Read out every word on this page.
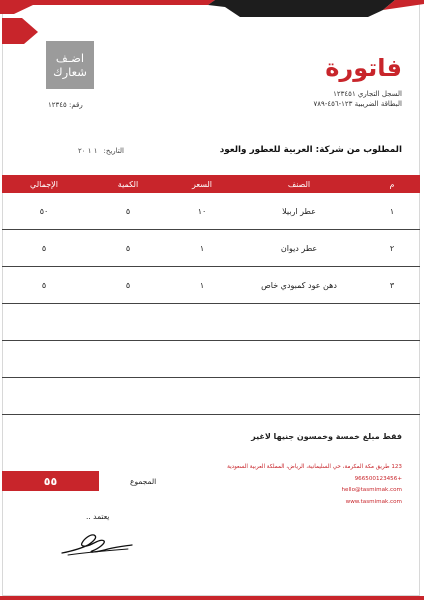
فاتورة
اضـف
شعارك
السجل التجاري ١٢٣٤٥١
البطاقة الضريبية ١٢٣-٤٥٦-٧٨٩
رقم: ١٢٣٤٥
المطلوب من شركة: العربية للعطور والعود
التاريخ:
١ ١ ٢٠
م	الصنف	السعر	الكمية	الإجمالي
١	عطر اربيلا	١٠	٥	٥٠
٢	عطر ديوان	١	٥	٥
٣	دهن عود كمبودي خاص	١	٥	٥

فقط مبلغ خمسة وخمسون جنيها لاغير
123 طريق مكة المكرمة، حي السليمانية، الرياض، المملكة العربية السعودية
+966500123456
hello@tasmimak.com
www.tasmimak.com
٥٥	المجموع
يعتمد ..
